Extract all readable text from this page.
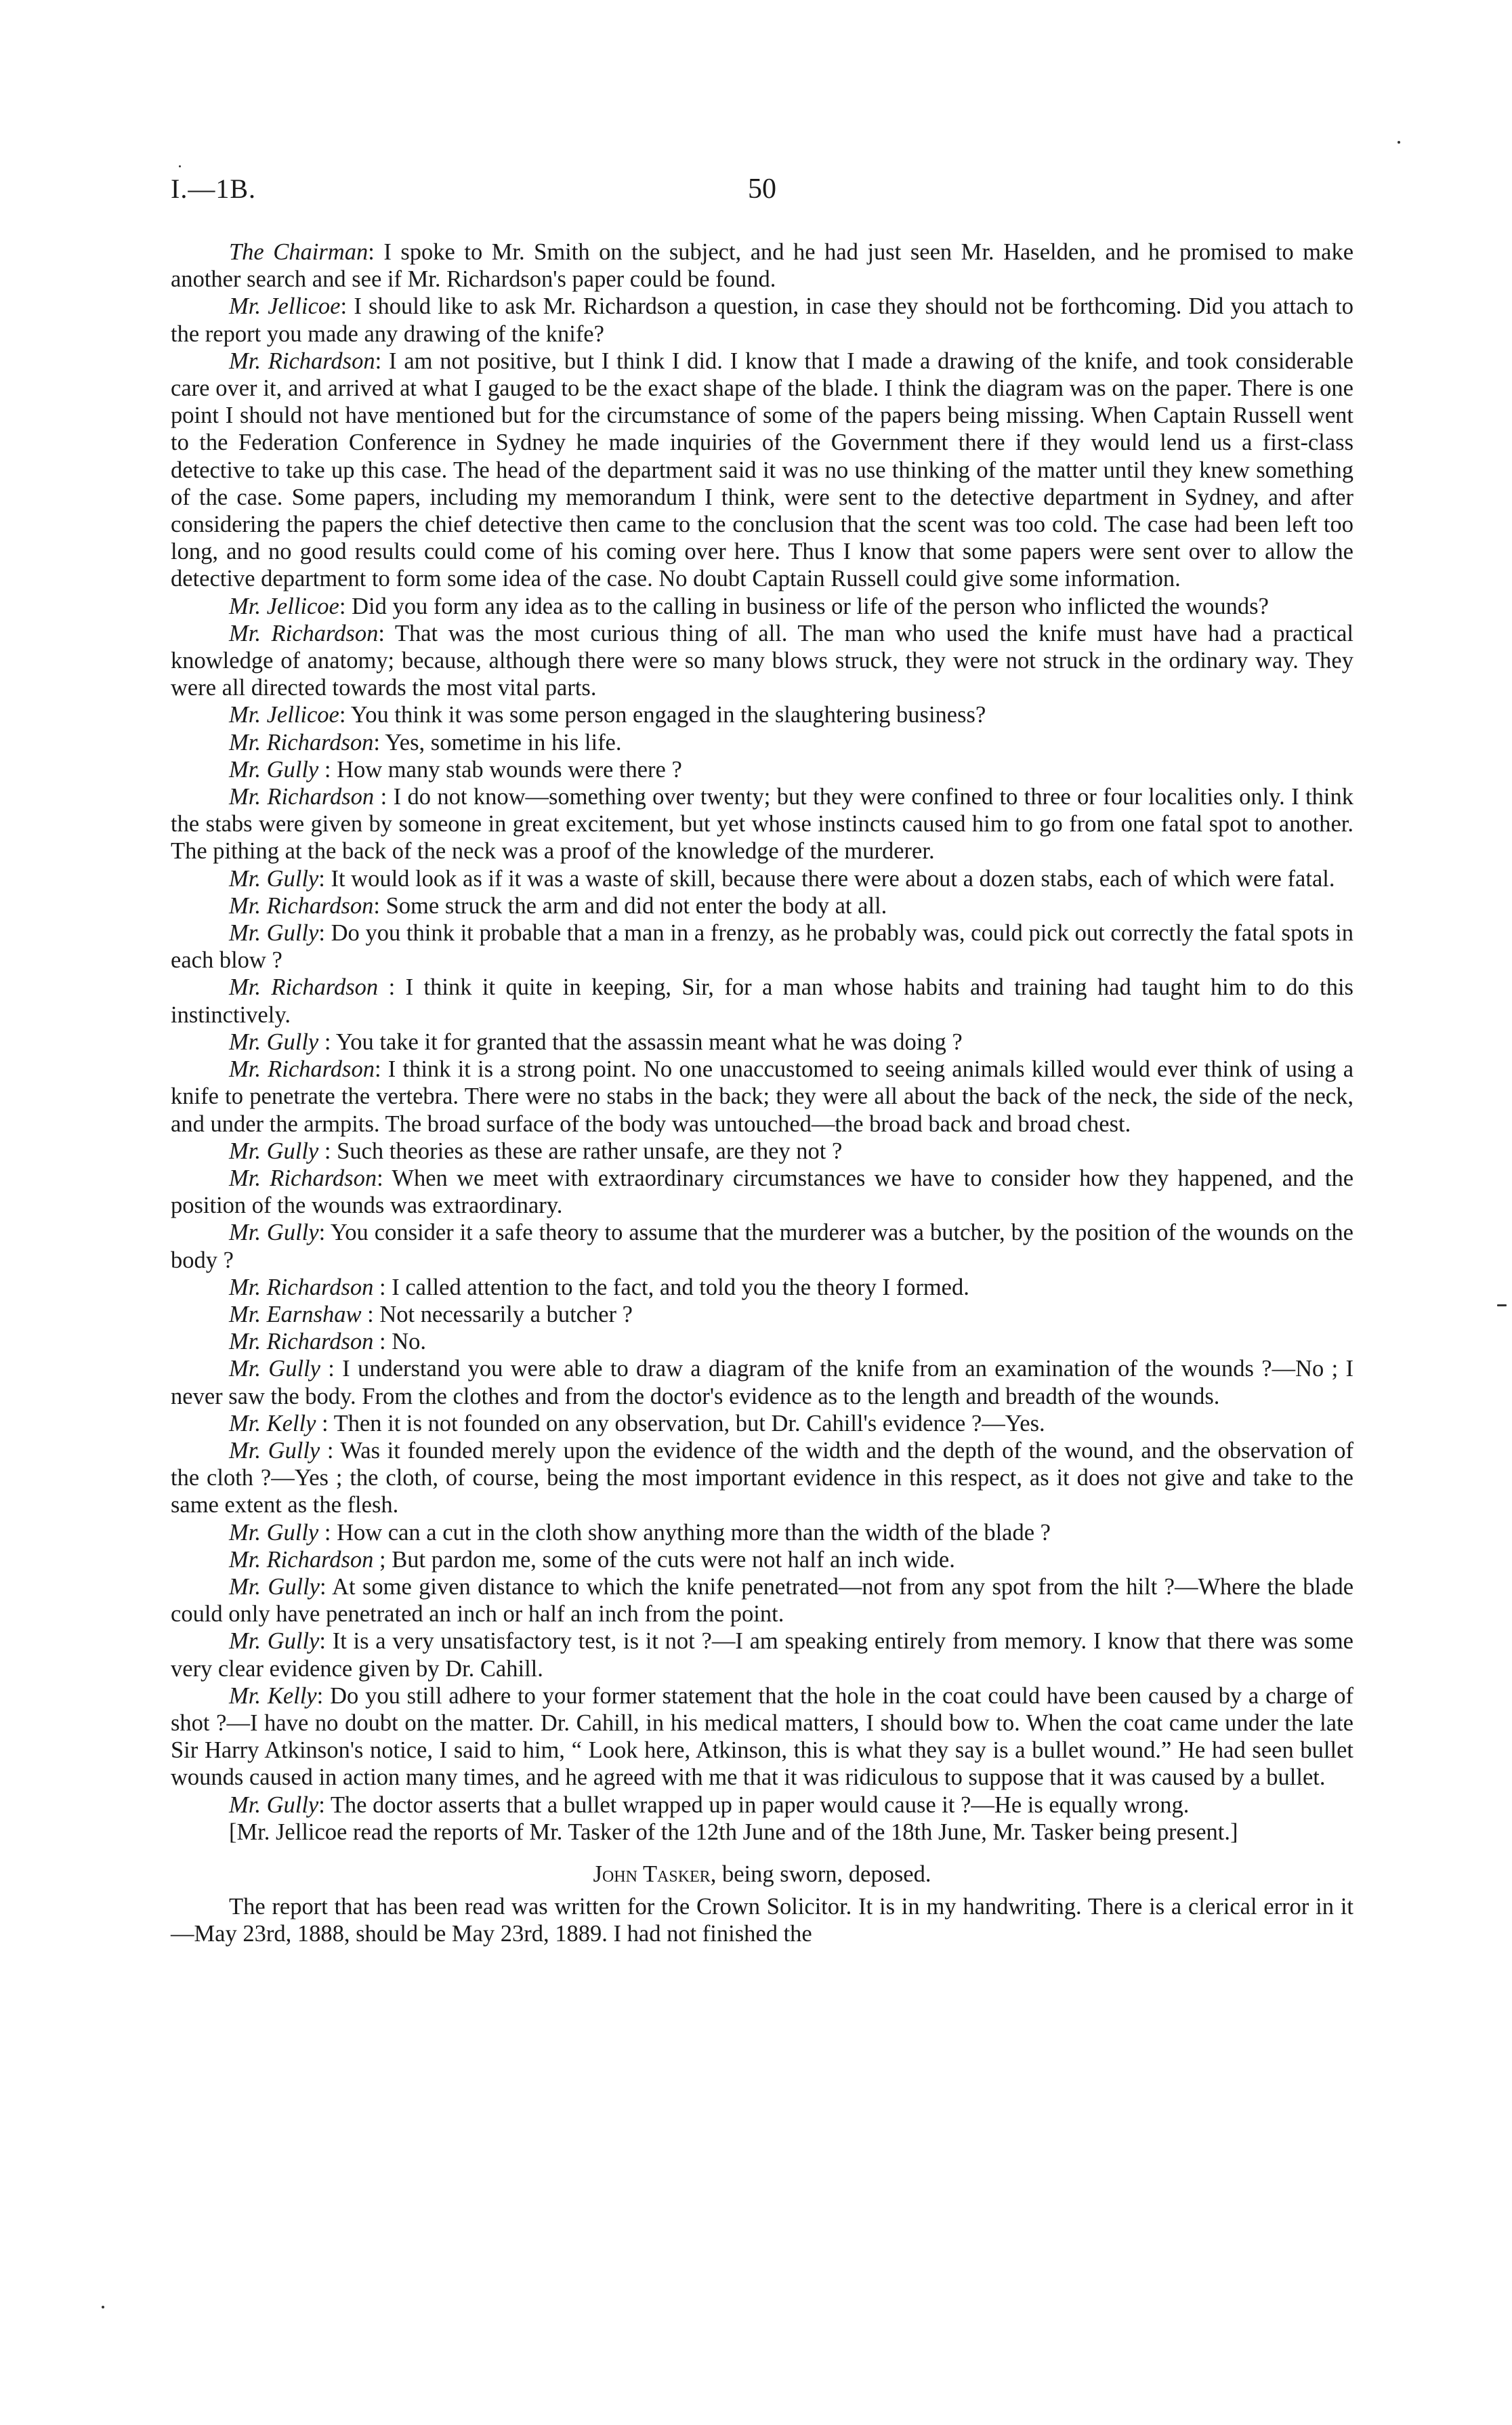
I.—1B.	50

The Chairman: I spoke to Mr. Smith on the subject, and he had just seen Mr. Haselden, and he promised to make another search and see if Mr. Richardson's paper could be found.

Mr. Jellicoe: I should like to ask Mr. Richardson a question, in case they should not be forthcoming. Did you attach to the report you made any drawing of the knife?

Mr. Richardson: I am not positive, but I think I did. I know that I made a drawing of the knife, and took considerable care over it, and arrived at what I gauged to be the exact shape of the blade. I think the diagram was on the paper. There is one point I should not have mentioned but for the circumstance of some of the papers being missing. When Captain Russell went to the Federation Conference in Sydney he made inquiries of the Government there if they would lend us a first-class detective to take up this case. The head of the department said it was no use thinking of the matter until they knew something of the case. Some papers, including my memorandum I think, were sent to the detective department in Sydney, and after considering the papers the chief detective then came to the conclusion that the scent was too cold. The case had been left too long, and no good results could come of his coming over here. Thus I know that some papers were sent over to allow the detective department to form some idea of the case. No doubt Captain Russell could give some information.

Mr. Jellicoe: Did you form any idea as to the calling in business or life of the person who inflicted the wounds?

Mr. Richardson: That was the most curious thing of all. The man who used the knife must have had a practical knowledge of anatomy; because, although there were so many blows struck, they were not struck in the ordinary way. They were all directed towards the most vital parts.

Mr. Jellicoe: You think it was some person engaged in the slaughtering business?

Mr. Richardson: Yes, sometime in his life.

Mr. Gully : How many stab wounds were there ?

Mr. Richardson : I do not know—something over twenty; but they were confined to three or four localities only. I think the stabs were given by someone in great excitement, but yet whose instincts caused him to go from one fatal spot to another. The pithing at the back of the neck was a proof of the knowledge of the murderer.

Mr. Gully: It would look as if it was a waste of skill, because there were about a dozen stabs, each of which were fatal.

Mr. Richardson: Some struck the arm and did not enter the body at all.

Mr. Gully: Do you think it probable that a man in a frenzy, as he probably was, could pick out correctly the fatal spots in each blow ?

Mr. Richardson : I think it quite in keeping, Sir, for a man whose habits and training had taught him to do this instinctively.

Mr. Gully : You take it for granted that the assassin meant what he was doing ?

Mr. Richardson: I think it is a strong point. No one unaccustomed to seeing animals killed would ever think of using a knife to penetrate the vertebra. There were no stabs in the back; they were all about the back of the neck, the side of the neck, and under the armpits. The broad surface of the body was untouched—the broad back and broad chest.

Mr. Gully : Such theories as these are rather unsafe, are they not ?

Mr. Richardson: When we meet with extraordinary circumstances we have to consider how they happened, and the position of the wounds was extraordinary.

Mr. Gully: You consider it a safe theory to assume that the murderer was a butcher, by the position of the wounds on the body ?

Mr. Richardson : I called attention to the fact, and told you the theory I formed.

Mr. Earnshaw : Not necessarily a butcher ?

Mr. Richardson : No.

Mr. Gully : I understand you were able to draw a diagram of the knife from an examination of the wounds ?—No ; I never saw the body. From the clothes and from the doctor's evidence as to the length and breadth of the wounds.

Mr. Kelly : Then it is not founded on any observation, but Dr. Cahill's evidence ?—Yes.

Mr. Gully : Was it founded merely upon the evidence of the width and the depth of the wound, and the observation of the cloth ?—Yes ; the cloth, of course, being the most important evidence in this respect, as it does not give and take to the same extent as the flesh.

Mr. Gully : How can a cut in the cloth show anything more than the width of the blade ?

Mr. Richardson ; But pardon me, some of the cuts were not half an inch wide.

Mr. Gully: At some given distance to which the knife penetrated—not from any spot from the hilt ?—Where the blade could only have penetrated an inch or half an inch from the point.

Mr. Gully: It is a very unsatisfactory test, is it not ?—I am speaking entirely from memory. I know that there was some very clear evidence given by Dr. Cahill.

Mr. Kelly: Do you still adhere to your former statement that the hole in the coat could have been caused by a charge of shot ?—I have no doubt on the matter. Dr. Cahill, in his medical matters, I should bow to. When the coat came under the late Sir Harry Atkinson's notice, I said to him, “ Look here, Atkinson, this is what they say is a bullet wound.” He had seen bullet wounds caused in action many times, and he agreed with me that it was ridiculous to suppose that it was caused by a bullet.

Mr. Gully: The doctor asserts that a bullet wrapped up in paper would cause it ?—He is equally wrong.

[Mr. Jellicoe read the reports of Mr. Tasker of the 12th June and of the 18th June, Mr. Tasker being present.]

John Tasker, being sworn, deposed.

The report that has been read was written for the Crown Solicitor. It is in my handwriting. There is a clerical error in it—May 23rd, 1888, should be May 23rd, 1889. I had not finished the
